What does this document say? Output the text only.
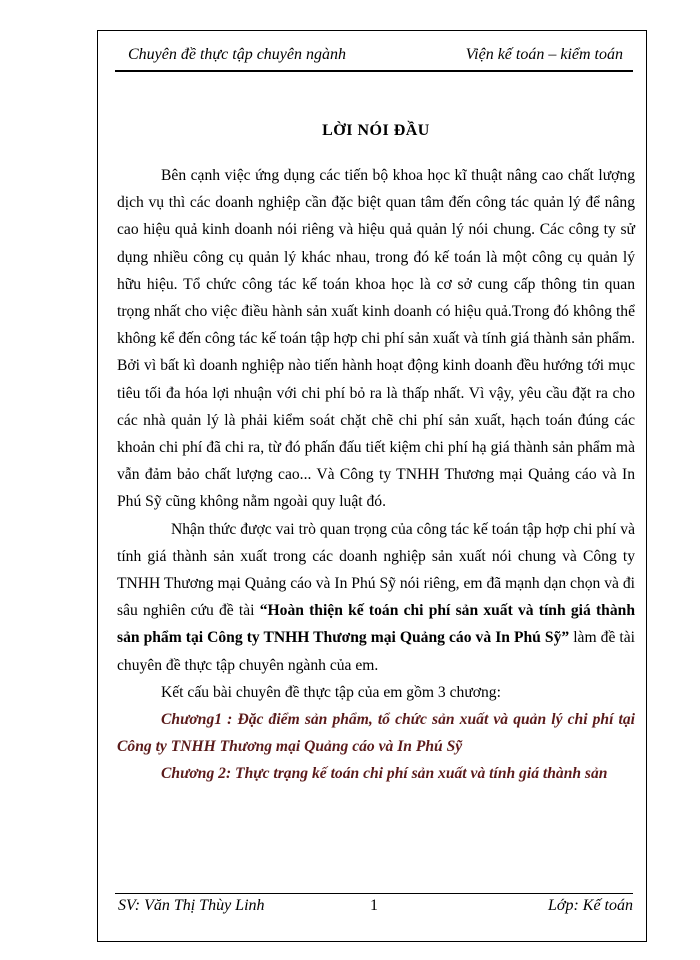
Chuyên đề thực tập chuyên ngành	Viện kế toán – kiểm toán
LỜI NÓI ĐẦU

Bên cạnh việc ứng dụng các tiến bộ khoa học kĩ thuật nâng cao chất lượng dịch vụ thì các doanh nghiệp cần đặc biệt quan tâm đến công tác quản lý để nâng cao hiệu quả kinh doanh nói riêng và hiệu quả quản lý nói chung. Các công ty sử dụng nhiều công cụ quản lý khác nhau, trong đó kế toán là một công cụ quản lý hữu hiệu. Tổ chức công tác kế toán khoa học là cơ sở cung cấp thông tin quan trọng nhất cho việc điều hành sản xuất kinh doanh có hiệu quả.Trong đó không thể không kể đến công tác kế toán tập hợp chi phí sản xuất và tính giá thành sản phẩm. Bởi vì bất kì doanh nghiệp nào tiến hành hoạt động kinh doanh đều hướng tới mục tiêu tối đa hóa lợi nhuận với chi phí bỏ ra là thấp nhất. Vì vậy, yêu cầu đặt ra cho các nhà quản lý là phải kiểm soát chặt chẽ chi phí sản xuất, hạch toán đúng các khoản chi phí đã chi ra, từ đó phấn đấu tiết kiệm chi phí hạ giá thành sản phẩm mà vẫn đảm bảo chất lượng cao... Và Công ty TNHH Thương mại Quảng cáo và In Phú Sỹ cũng không nằm ngoài quy luật đó.

Nhận thức được vai trò quan trọng của công tác kế toán tập hợp chi phí và tính giá thành sản xuất trong các doanh nghiệp sản xuất nói chung và Công ty TNHH Thương mại Quảng cáo và In Phú Sỹ nói riêng, em đã mạnh dạn chọn và đi sâu nghiên cứu đề tài “Hoàn thiện kế toán chi phí sản xuất và tính giá thành sản phẩm tại Công ty TNHH Thương mại Quảng cáo và In Phú Sỹ” làm đề tài chuyên đề thực tập chuyên ngành của em.

Kết cấu bài chuyên đề thực tập của em gồm 3 chương:

Chương1 : Đặc điểm sản phẩm, tổ chức sản xuất và quản lý chi phí tại Công ty TNHH Thương mại Quảng cáo và In Phú Sỹ

Chương 2: Thực trạng kế toán chi phí sản xuất và tính giá thành sản

SV: Văn Thị Thùy Linh	1	Lớp: Kế toán
